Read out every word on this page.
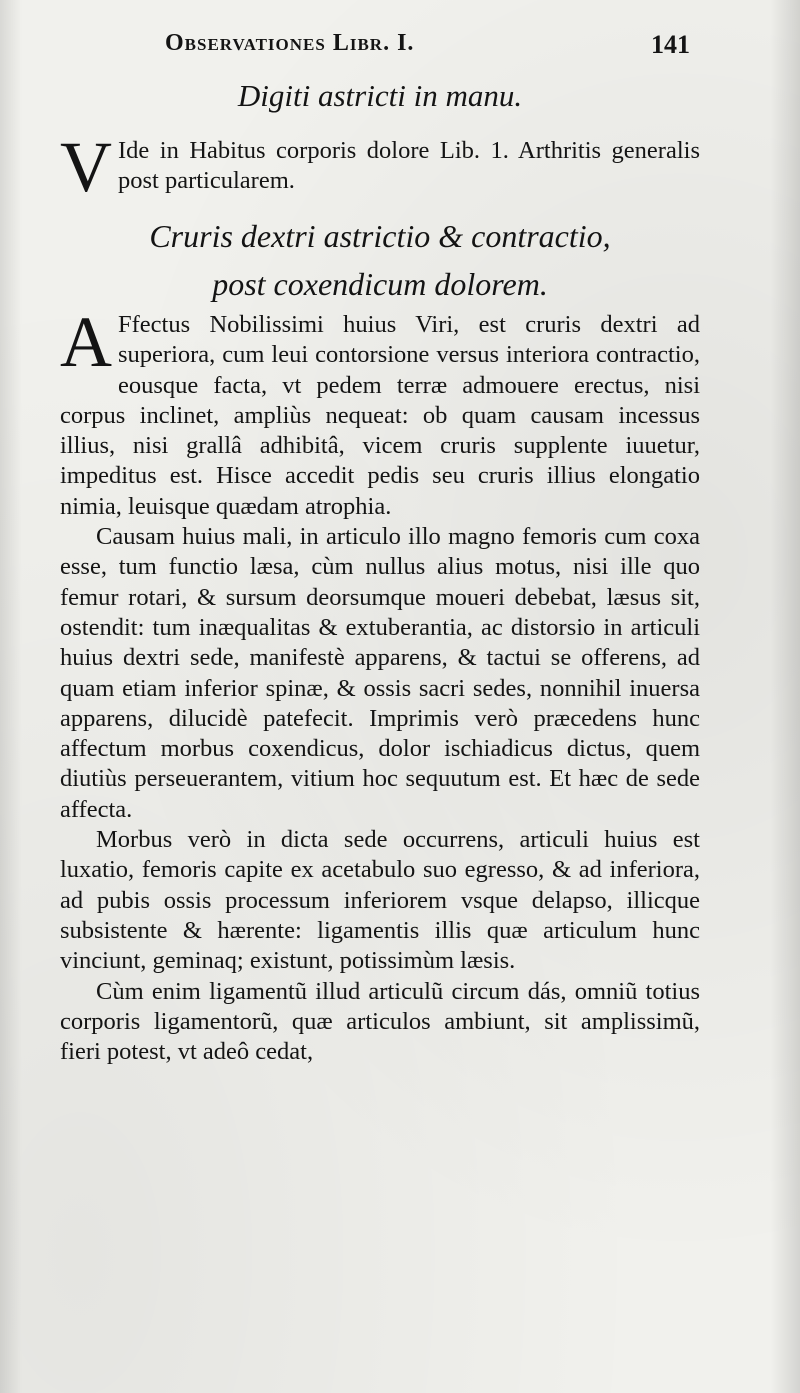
Observationes Libr. I.	141
Digiti astricti in manu.

V Ide in Habitus corporis dolore Lib. 1. Arthritis generalis post particularem.

Cruris dextri astrictio & contractio,
post coxendicum dolorem.

A Ffectus Nobilissimi huius Viri, est cruris dextri ad superiora, cum leui contorsione versus interiora contractio, eousque facta, vt pedem terræ admouere erectus, nisi corpus inclinet, ampliùs nequeat: ob quam causam incessus illius, nisi grallâ adhibitâ, vicem cruris supplente iuuetur, impeditus est. Hisce accedit pedis seu cruris illius elongatio nimia, leuisque quædam atrophia.

Causam huius mali, in articulo illo magno femoris cum coxa esse, tum functio læsa, cùm nullus alius motus, nisi ille quo femur rotari, & sursum deorsumque moueri debebat, læsus sit, ostendit: tum inæqualitas & extuberantia, ac distorsio in articuli huius dextri sede, manifestè apparens, & tactui se offerens, ad quam etiam inferior spinæ, & ossis sacri sedes, nonnihil inuersa apparens, dilucidè patefecit. Imprimis verò præcedens hunc affectum morbus coxendicus, dolor ischiadicus dictus, quem diutiùs perseuerantem, vitium hoc sequutum est. Et hæc de sede affecta.

Morbus verò in dicta sede occurrens, articuli huius est luxatio, femoris capite ex acetabulo suo egresso, & ad inferiora, ad pubis ossis processum inferiorem vsque delapso, illicque subsistente & hærente: ligamentis illis quæ articulum hunc vinciunt, geminaq; existunt, potissimùm læsis.

Cùm enim ligamentũ illud articulũ circum dás, omniũ totius corporis ligamentorũ, quæ articulos ambiunt, sit amplissimũ, fieri potest, vt adeô cedat,
